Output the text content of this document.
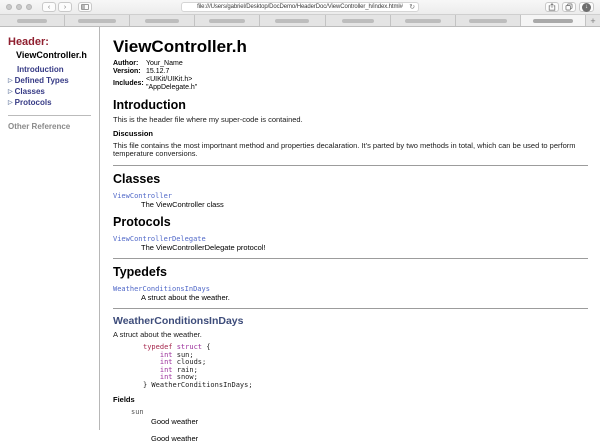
‹ ›	file:///Users/gabriel/Desktop/DocDemo/HeaderDoc/ViewController_h/index.html# ↻	↓
+
Header:
ViewController.h
Introduction
▷ Defined Types
▷ Classes
▷ Protocols
Other Reference
ViewController.h
Author:	Your_Name
Version: 15.12.7
Includes:
<UIKit/UIKit.h>
"AppDelegate.h"
Introduction
This is the header file where my super-code is contained.
Discussion
This file contains the most importnant method and properties decalaration. It's parted by two methods in total, which can be used to perform temperature conversions.
Classes
ViewController
The ViewController class
Protocols
ViewControllerDelegate
The ViewControllerDelegate protocol!
Typedefs
WeatherConditionsInDays
A struct about the weather.
WeatherConditionsInDays
A struct about the weather.
typedef struct {
int sun;
int clouds;
int rain;
int snow;
} WeatherConditionsInDays;
Fields
sun
Good weather
Good weather
